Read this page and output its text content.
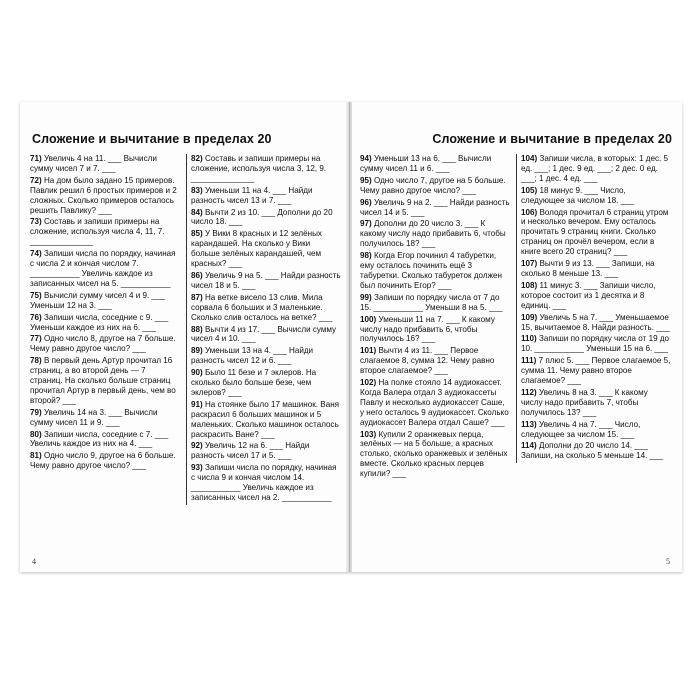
Сложение и вычитание в пределах 20
71) Увеличь 4 на 11. ___ Вычисли сумму чисел 7 и 7. ___
72) На дом было задано 15 примеров. Павлик решил 6 простых примеров и 2 сложных. Сколько примеров осталось решить Павлику? ___
73) Составь и запиши примеры на сложение, используя числа 4, 11, 7. ______________
74) Запиши числа по порядку, начиная с числа 2 и кончая числом 7. ___________ Увеличь каждое из записанных чисел на 5. ___________
75) Вычисли сумму чисел 4 и 9. ___ Уменьши 12 на 3. ___
76) Запиши числа, соседние с 9. ___ Уменьши каждое из них на 6. ___
77) Одно число 8, другое на 7 больше. Чему равно другое число? ___
78) В первый день Артур прочитал 16 страниц, а во второй день — 7 страниц. На сколько больше страниц прочитал Артур в первый день, чем во второй? ___
79) Увеличь 14 на 3. ___ Вычисли сумму чисел 11 и 9. ___
80) Запиши числа, соседние с 7. ___ Увеличь каждое из них на 4. ___
81) Одно число 9, другое на 6 больше. Чему равно другое число? ___
82) Составь и запиши примеры на сложение, используя числа 3, 12, 9. ______________
83) Уменьши 11 на 4. ___ Найди разность чисел 13 и 7. ___
84) Вычти 2 из 10. ___ Дополни до 20 число 18. ___
85) У Вики 8 красных и 12 зелёных карандашей. На сколько у Вики больше зелёных карандашей, чем красных? ___
86) Увеличь 9 на 5. ___ Найди разность чисел 18 и 5. ___
87) На ветке висело 13 слив. Мила сорвала 6 больших и 3 маленькие. Сколько слив осталось на ветке? ___
88) Вычти 4 из 17. ___ Вычисли сумму чисел 4 и 10. ___
89) Уменьши 13 на 4. ___ Найди разность чисел 12 и 6. ___
90) Было 11 безе и 7 эклеров. На сколько было больше безе, чем эклеров? ___
91) На стоянке было 17 машинок. Ваня раскрасил 6 больших машинок и 5 маленьких. Сколько машинок осталось раскрасить Ване? ___
92) Увеличь 12 на 6. ___ Найди разность чисел 17 и 5. ___
93) Запиши числа по порядку, начиная с числа 9 и кончая числом 14. ___________ Увеличь каждое из записанных чисел на 2. ___________
4
Сложение и вычитание в пределах 20
94) Уменьши 13 на 6. ___ Вычисли сумму чисел 11 и 6. ___
95) Одно число 7, другое на 5 больше. Чему равно другое число? ___
96) Увеличь 9 на 2. ___ Найди разность чисел 14 и 5. ___
97) Дополни до 20 число 3. ___ К какому числу надо прибавить 6, чтобы получилось 18? ___
98) Когда Егор починил 4 табуретки, ему осталось починить ещё 3 табуретки. Сколько табуреток должен был починить Егор? ___
99) Запиши по порядку числа от 7 до 15. ___________ Уменьши 8 на 5. ___
100) Уменьши 11 на 7. ___ К какому числу надо прибавить 6, чтобы получилось 16? ___
101) Вычти 4 из 11. ___ Первое слагаемое 8, сумма 12. Чему равно второе слагаемое? ___
102) На полке стояло 14 аудиокассет. Когда Валера отдал 3 аудиокассеты Павлу и несколько аудиокассет Саше, у него осталось 9 аудиокассет. Сколько аудиокассет Валера отдал Саше? ___
103) Купили 2 оранжевых перца, зелёных — на 5 больше, а красных столько, сколько оранжевых и зелёных вместе. Сколько красных перцев купили? ___
104) Запиши числа, в которых: 1 дес. 5 ед. ___; 1 дес. 9 ед. ___; 2 дес. 0 ед. ___; 1 дес. 4 ед. ___
105) 18 минус 9. ___ Число, следующее за числом 18. ___
106) Володя прочитал 6 страниц утром и несколько вечером. Ему осталось прочитать 9 страниц книги. Сколько страниц он прочёл вечером, если в книге всего 20 страниц? ___
107) Вычти 9 из 13. ___ Запиши, на сколько 8 меньше 13. ___
108) 11 минус 3. ___ Запиши число, которое состоит из 1 десятка и 8 единиц. ___
109) Увеличь 5 на 7. ___ Уменьшаемое 15, вычитаемое 8. Найди разность. ___
110) Запиши по порядку числа от 19 до 10. ___________ Уменьши 15 на 6. ___
111) 7 плюс 5. ___ Первое слагаемое 5, сумма 11. Чему равно второе слагаемое? ___
112) Увеличь 8 на 3. ___ К какому числу надо прибавить 7, чтобы получилось 13? ___
113) Увеличь 4 на 7. ___ Число, следующее за числом 15. ___
114) Дополни до 20 число 14. ___ Запиши, на сколько 5 меньше 14. ___
5
